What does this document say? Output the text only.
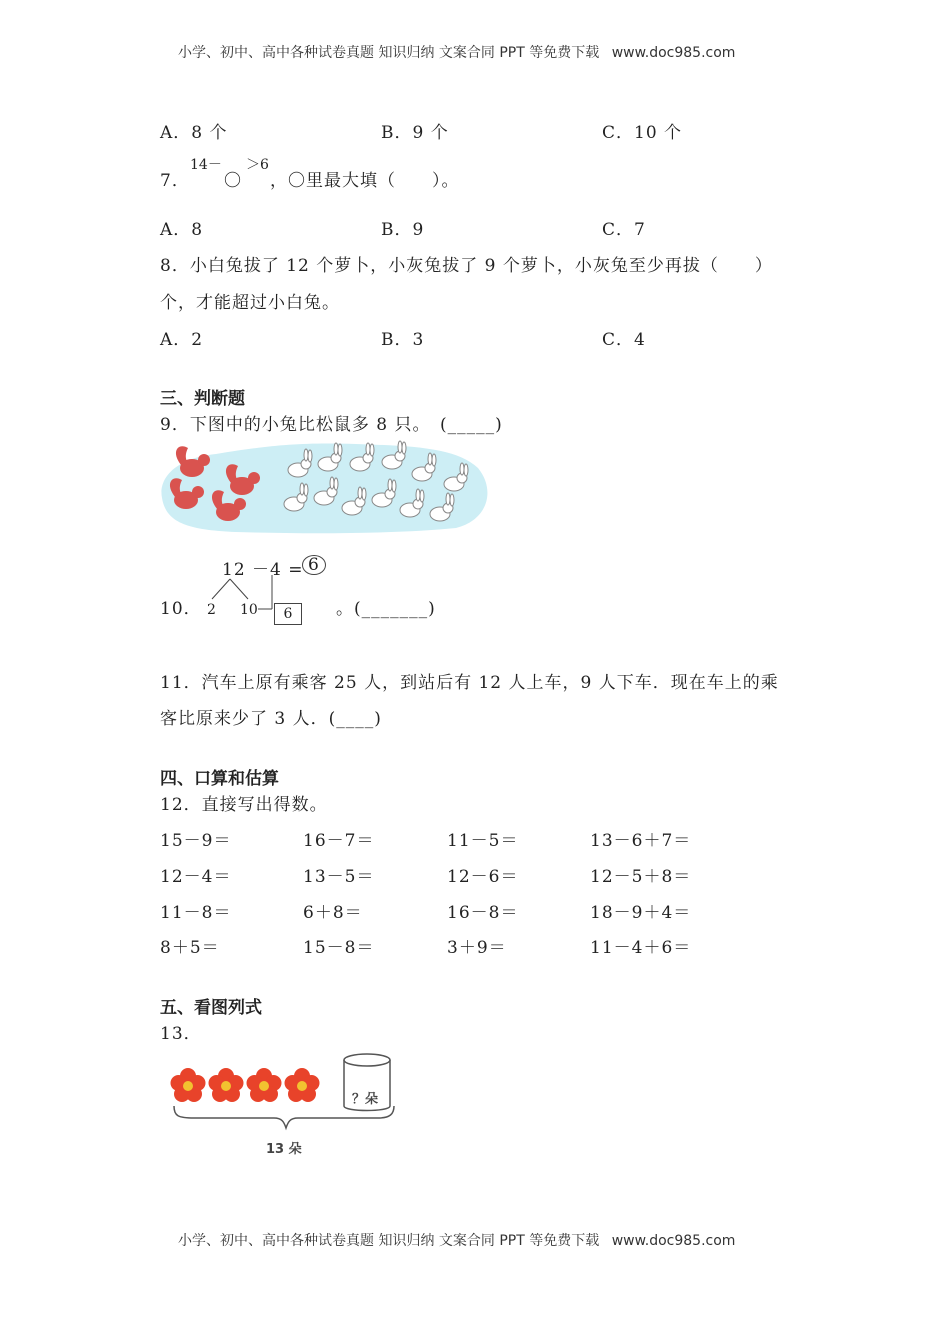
小学、初中、高中各种试卷真题 知识归纳 文案合同 PPT 等免费下载 www.doc985.com
A．8 个	B．9 个	C．10 个
7．
14－ ＞6
〇 ，〇里最大填（　　）。
A．8	B．9	C．7
8．小白兔拔了 12 个萝卜，小灰兔拔了 9 个萝卜，小灰兔至少再拔（　　）
个，才能超过小白兔。
A．2	B．3	C．4
三、判断题
9．下图中的小兔比松鼠多 8 只。　(_____)
10．
12 －4 = 6
2 10	6	。(_______)
11．汽车上原有乘客 25 人，到站后有 12 人上车，9 人下车．现在车上的乘
客比原来少了 3 人．(____)
四、口算和估算
12．直接写出得数。
15－9＝	16－7＝	11－5＝	13－6＋7＝
12－4＝	13－5＝	12－6＝	12－5＋8＝
11－8＝	6＋8＝	16－8＝	18－9＋4＝
8＋5＝	15－8＝	3＋9＝	11－4＋6＝
五、看图列式
13．
？朵
13 朵
小学、初中、高中各种试卷真题 知识归纳 文案合同 PPT 等免费下载 www.doc985.com
